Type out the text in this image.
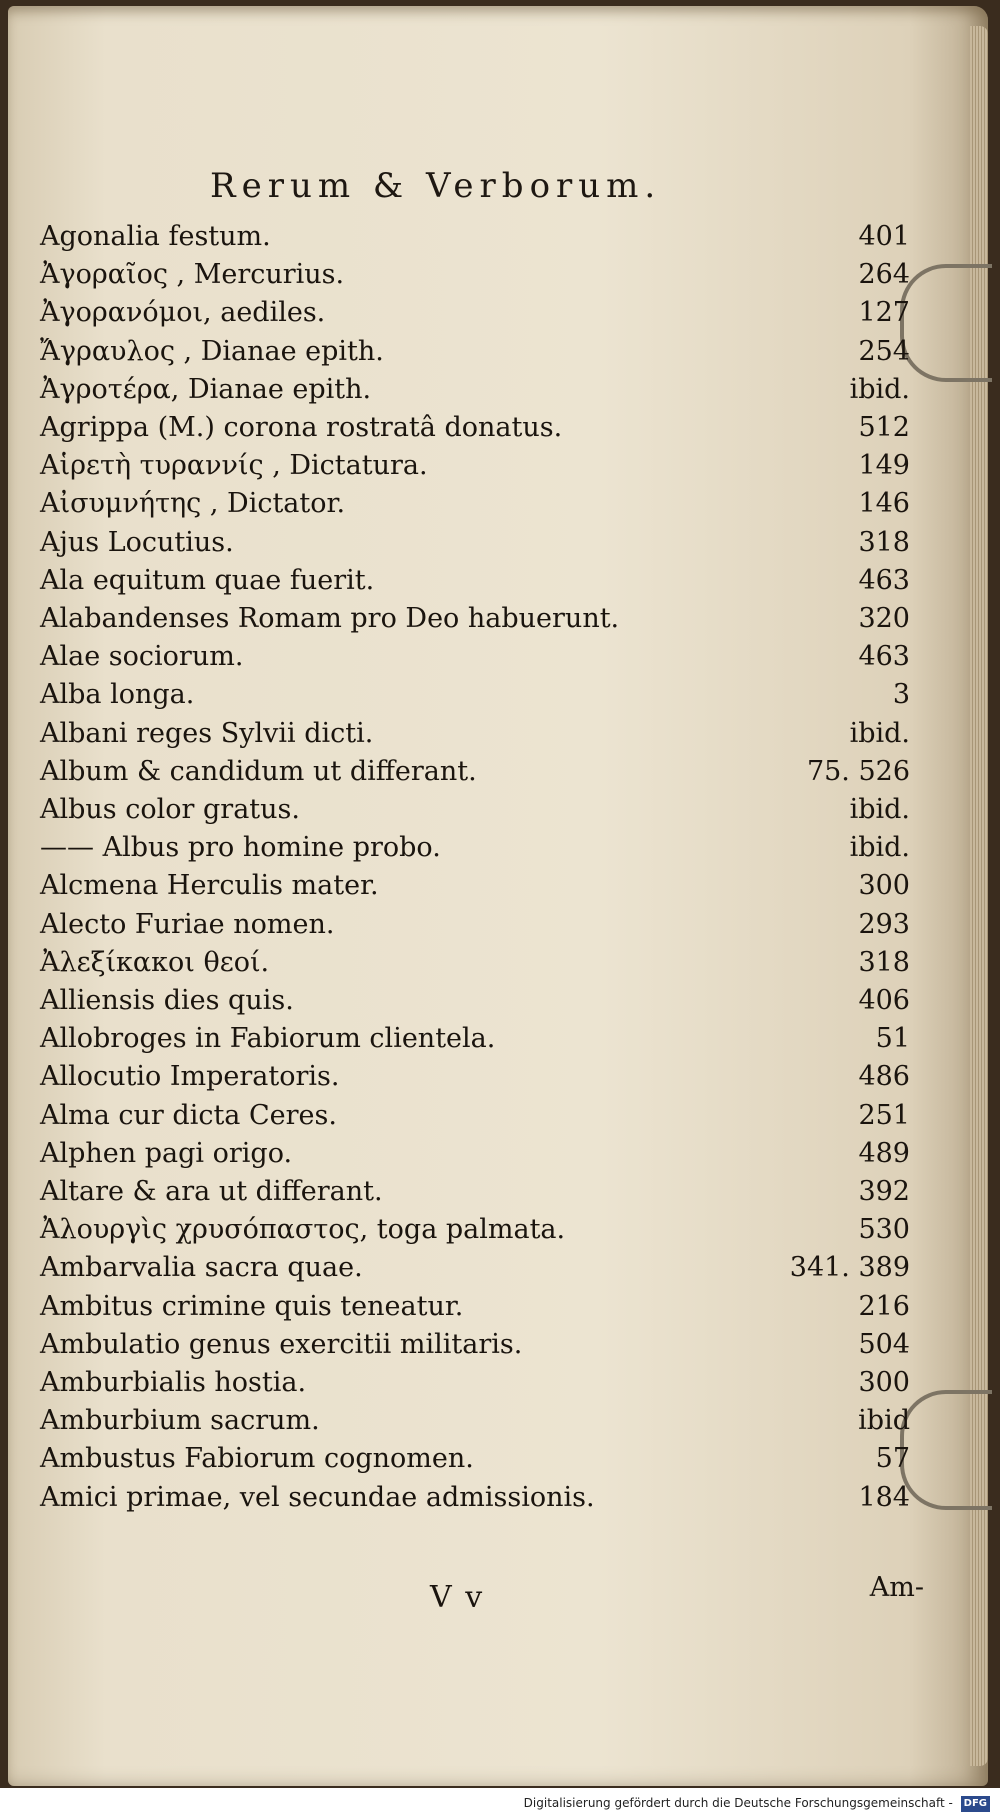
Rerum & Verborum.
Agonalia festum.	401
Ἀγοραῖος , Mercurius.	264
Ἀγορανόμοι, aediles.	127
Ἄγραυλος , Dianae epith.	254
Ἀγροτέρα, Dianae epith.	ibid.
Agrippa (M.) corona rostratâ donatus.	512
Αἱρετὴ τυραννίς , Dictatura.	149
Αἰσυμνήτης , Dictator.	146
Ajus Locutius.	318
Ala equitum quae fuerit.	463
Alabandenses Romam pro Deo habuerunt.	320
Alae sociorum.	463
Alba longa.	3
Albani reges Sylvii dicti.	ibid.
Album & candidum ut differant.	75. 526
Albus color gratus.	ibid.
—— Albus pro homine probo.	ibid.
Alcmena Herculis mater.	300
Alecto Furiae nomen.	293
Ἀλεξίκακοι θεοί.	318
Alliensis dies quis.	406
Allobroges in Fabiorum clientela.	51
Allocutio Imperatoris.	486
Alma cur dicta Ceres.	251
Alphen pagi origo.	489
Altare & ara ut differant.	392
Ἀλουργὶς χρυσόπαστος, toga palmata.	530
Ambarvalia sacra quae.	341. 389
Ambitus crimine quis teneatur.	216
Ambulatio genus exercitii militaris.	504
Amburbialis hostia.	300
Amburbium sacrum.	ibid
Ambustus Fabiorum cognomen.	57
Amici primae, vel secundae admissionis.	184
V v	Am-
Digitalisierung gefördert durch die Deutsche Forschungsgemeinschaft - DFG
